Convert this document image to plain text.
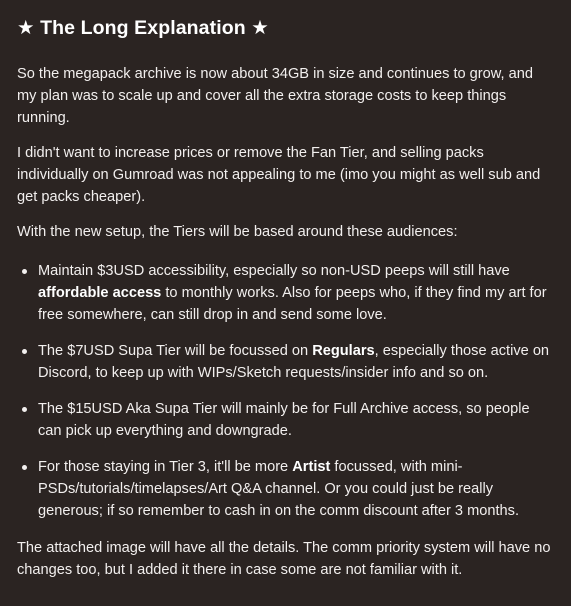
★ The Long Explanation ★

So the megapack archive is now about 34GB in size and continues to grow, and my plan was to scale up and cover all the extra storage costs to keep things running.

I didn't want to increase prices or remove the Fan Tier, and selling packs individually on Gumroad was not appealing to me (imo you might as well sub and get packs cheaper).

With the new setup, the Tiers will be based around these audiences:

Maintain $3USD accessibility, especially so non-USD peeps will still have affordable access to monthly works. Also for peeps who, if they find my art for free somewhere, can still drop in and send some love.
The $7USD Supa Tier will be focussed on Regulars, especially those active on Discord, to keep up with WIPs/Sketch requests/insider info and so on.
The $15USD Aka Supa Tier will mainly be for Full Archive access, so people can pick up everything and downgrade.
For those staying in Tier 3, it'll be more Artist focussed, with mini-PSDs/tutorials/timelapses/Art Q&A channel. Or you could just be really generous; if so remember to cash in on the comm discount after 3 months.

The attached image will have all the details. The comm priority system will have no changes too, but I added it there in case some are not familiar with it.
